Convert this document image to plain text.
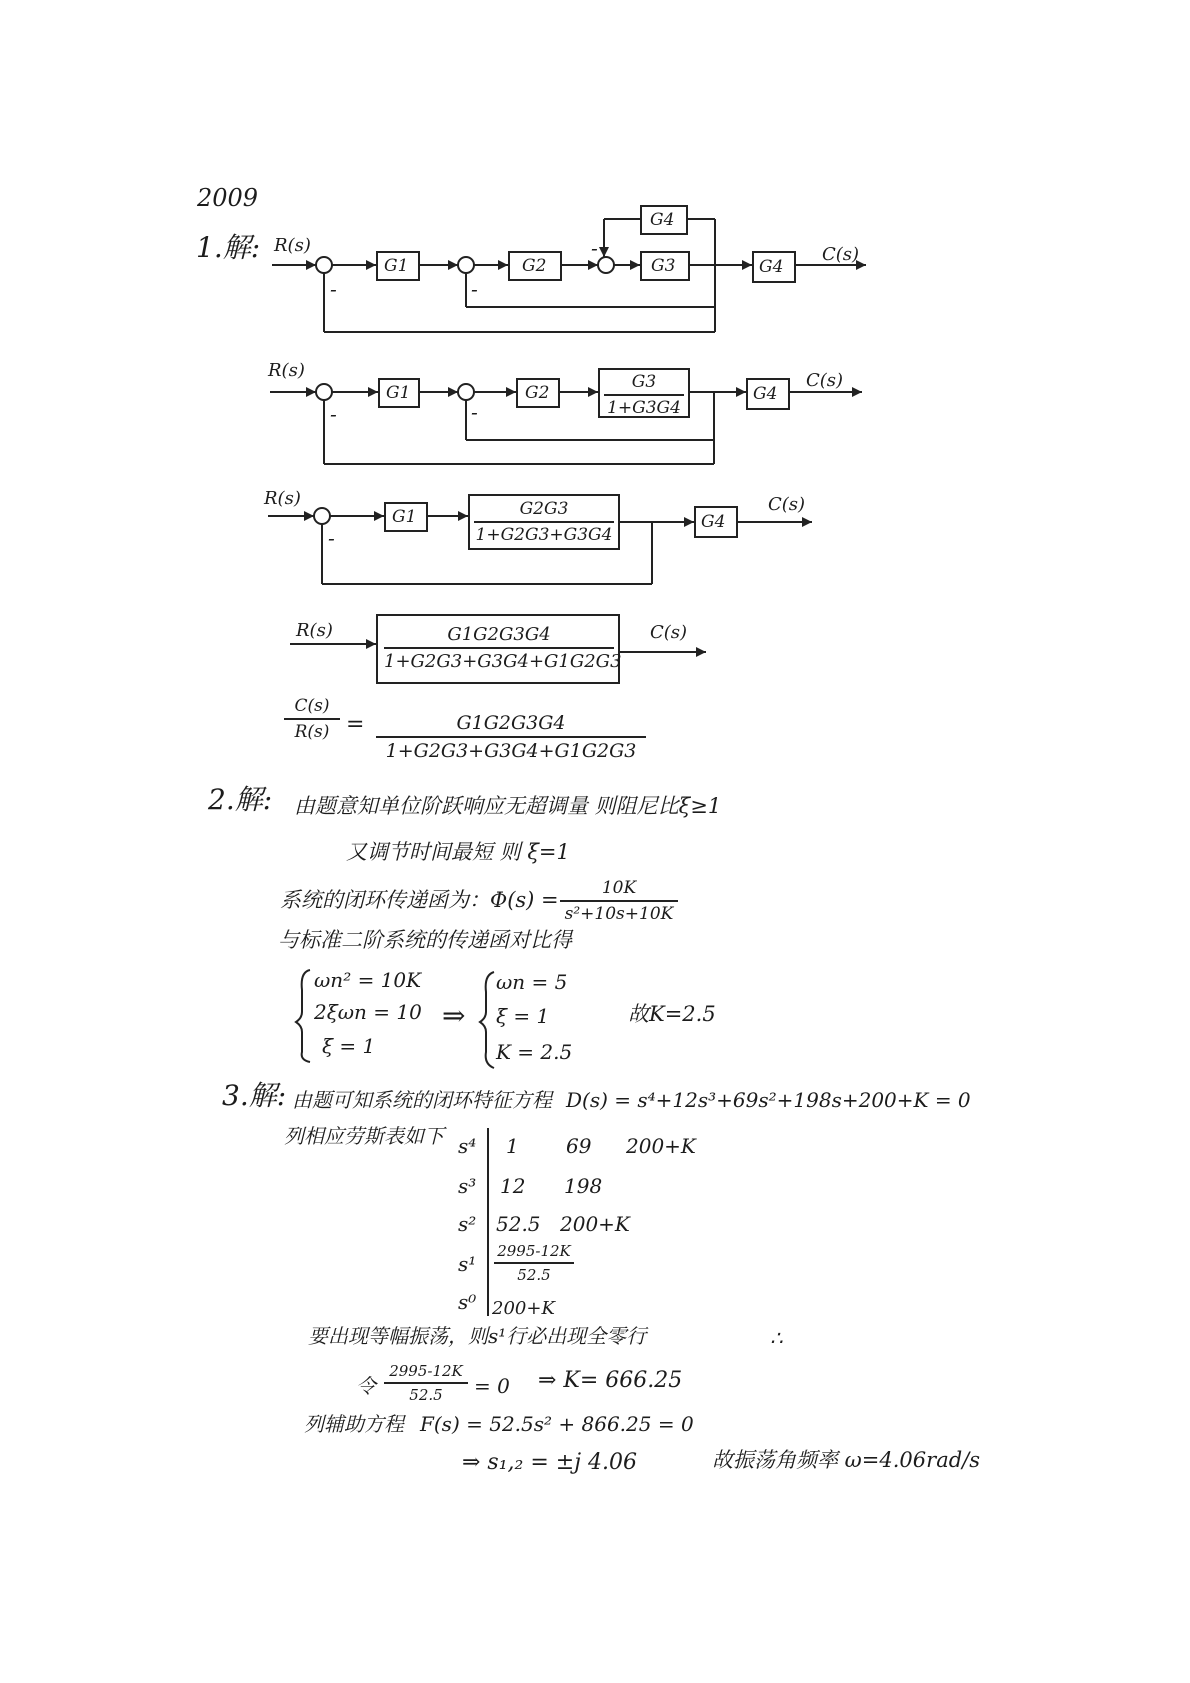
2009
1.解: R(s)	C(s)
-	-
-
G1	G2
G4
G3	G4
R(s)	C(s)
-	-
G1	G2
G3
1+G3G4
G4
R(s)	C(s)
-
G1	G2G3
1+G2G3+G3G4
G4
R(s)	C(s)
G1G2G3G4
1+G2G3+G3G4+G1G2G3
C(s)
R(s) =	G1G2G3G4
1+G2G3+G3G4+G1G2G3
2.解: 由题意知单位阶跃响应无超调量 则阻尼比ξ≥1
又调节时间最短 则 ξ=1
系统的闭环传递函为：Φ(s) =	10K
s²+10s+10K
与标准二阶系统的传递函对比得
ωn² = 10K
2ξωn = 10
ξ = 1
⇒
ωn = 5
ξ = 1
K = 2.5
故K=2.5
3.解: 由题可知系统的闭环特征方程 D(s) = s⁴+12s³+69s²+198s+200+K = 0
列相应劳斯表如下 s⁴ 1 69 200+K
s³ 12 198
s² 52.5 200+K
s¹
2995-12K
52.5
s⁰ 200+K
要出现等幅振荡，则s¹行必出现全零行	∴
令
2995-12K
52.5	= 0 ⇒ K= 666.25
列辅助方程 F(s) = 52.5s² + 866.25 = 0
⇒ s₁,₂ = ±j 4.06	故振荡角频率 ω=4.06rad/s
